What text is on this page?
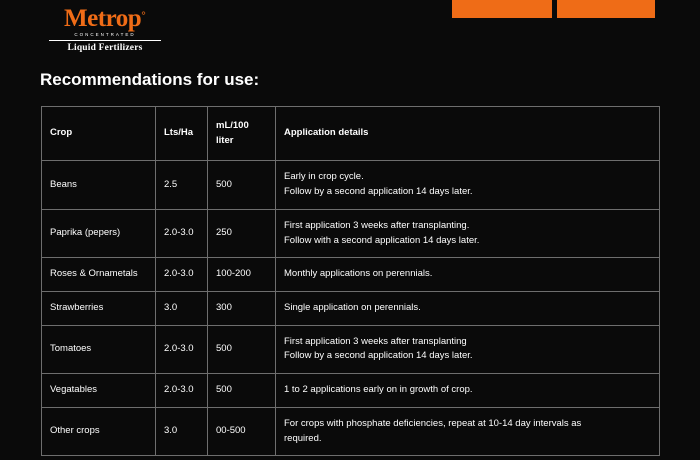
Metrop°
CONCENTRATED
Liquid Fertilizers
Recommendations for use:
Crop	Lts/Ha	mL/100 liter	Application details
Beans	2.5	500	Early in crop cycle.
Follow by a second application 14 days later.

Paprika (pepers)	2.0-3.0	250	First application 3 weeks after transplanting.
Follow with a second application 14 days later.

Roses & Ornametals	2.0-3.0	100-200	Monthly applications on perennials.

Strawberries	3.0	300	Single application on perennials.

Tomatoes	2.0-3.0	500	First application 3 weeks after transplanting
Follow by a second application 14 days later.

Vegatables	2.0-3.0	500	1 to 2 applications early on in growth of crop.

Other crops	3.0	00-500	For crops with phosphate deficiencies, repeat at 10-14 day intervals as
required.
